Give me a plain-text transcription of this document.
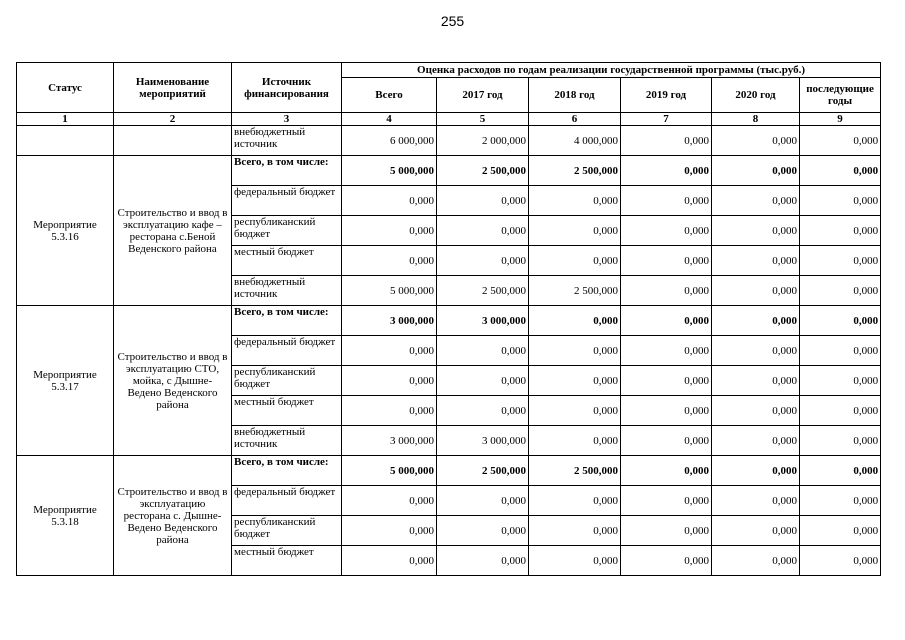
255
Статус	Наименование мероприятий	Источник финансирования	Оценка расходов по годам реализации государственной программы (тыс.руб.)					
			Всего	2017 год	2018 год	2019 год	2020 год	последующие годы
1	2	3	4	5	6	7	8	9
		внебюджетный источник	6 000,000	2 000,000	4 000,000	0,000	0,000	0,000
Мероприятие 5.3.16	Строительство и ввод в эксплуатацию кафе – ресторана с.Беной Веденского района	Всего, в том числе:	5 000,000	2 500,000	2 500,000	0,000	0,000	0,000
		федеральный бюджет	0,000	0,000	0,000	0,000	0,000	0,000
		республиканский бюджет	0,000	0,000	0,000	0,000	0,000	0,000
		местный бюджет	0,000	0,000	0,000	0,000	0,000	0,000
		внебюджетный источник	5 000,000	2 500,000	2 500,000	0,000	0,000	0,000
Мероприятие 5.3.17	Строительство и ввод в эксплуатацию СТО, мойка, с Дышне-Ведено Веденского района	Всего, в том числе:	3 000,000	3 000,000	0,000	0,000	0,000	0,000
		федеральный бюджет	0,000	0,000	0,000	0,000	0,000	0,000
		республиканский бюджет	0,000	0,000	0,000	0,000	0,000	0,000
		местный бюджет	0,000	0,000	0,000	0,000	0,000	0,000
		внебюджетный источник	3 000,000	3 000,000	0,000	0,000	0,000	0,000
Мероприятие 5.3.18	Строительство и ввод в эксплуатацию ресторана с. Дышне-Ведено Веденского района	Всего, в том числе:	5 000,000	2 500,000	2 500,000	0,000	0,000	0,000
		федеральный бюджет	0,000	0,000	0,000	0,000	0,000	0,000
		республиканский бюджет	0,000	0,000	0,000	0,000	0,000	0,000
		местный бюджет	0,000	0,000	0,000	0,000	0,000	0,000
